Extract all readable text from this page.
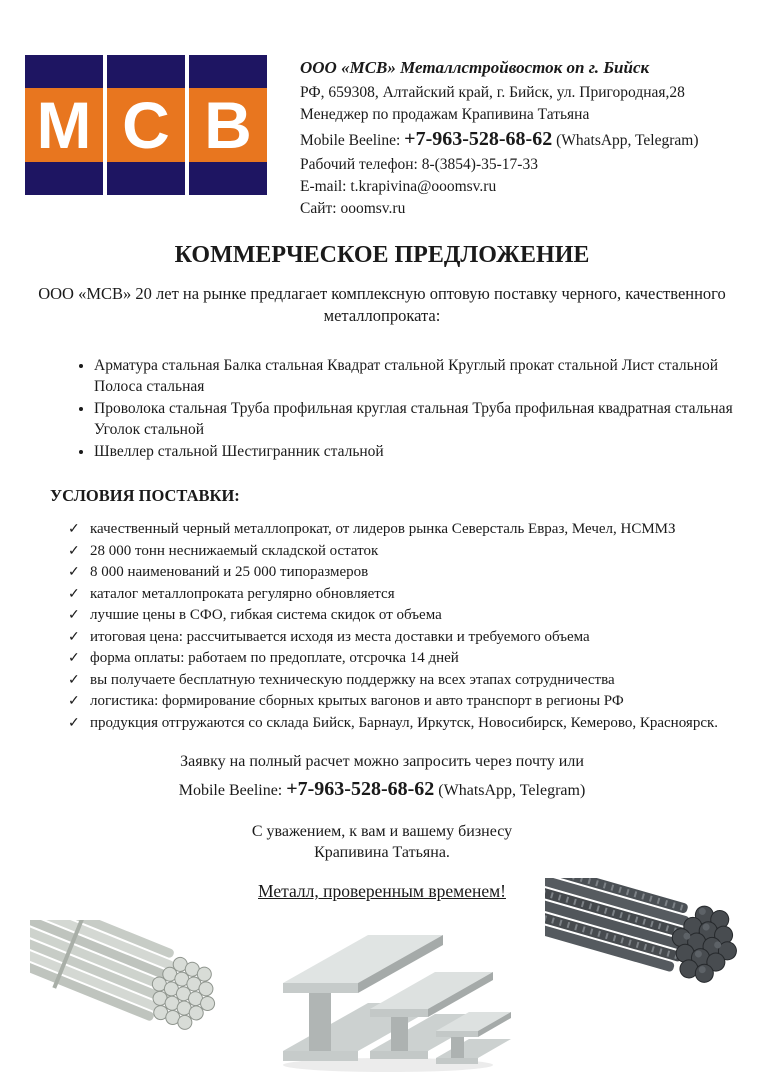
М С В
ООО «МСВ» Металлстройвосток оп г. Бийск
РФ, 659308, Алтайский край, г. Бийск, ул. Пригородная,28
Менеджер по продажам Крапивина Татьяна
Mobile Beeline: +7-963-528-68-62 (WhatsApp, Telegram)
Рабочий телефон: 8-(3854)-35-17-33
E-mail: t.krapivina@ooomsv.ru
Сайт: ooomsv.ru
КОММЕРЧЕСКОЕ ПРЕДЛОЖЕНИЕ

ООО «МСВ» 20 лет на рынке предлагает комплексную оптовую поставку черного, качественного металлопроката:

• Арматура стальная Балка стальная Квадрат стальной Круглый прокат стальной Лист стальной Полоса стальная
• Проволока стальная Труба профильная круглая стальная Труба профильная квадратная стальная Уголок стальной
• Швеллер стальной Шестигранник стальной
УСЛОВИЯ ПОСТАВКИ:
✓ качественный черный металлопрокат, от лидеров рынка Северсталь Евраз, Мечел, НСММЗ
✓ 28 000 тонн неснижаемый складской остаток
✓ 8 000 наименований и 25 000 типоразмеров
✓ каталог металлопроката регулярно обновляется
✓ лучшие цены в СФО, гибкая система скидок от объема
✓ итоговая цена: рассчитывается исходя из места доставки и требуемого объема
✓ форма оплаты: работаем по предоплате, отсрочка 14 дней
✓ вы получаете бесплатную техническую поддержку на всех этапах сотрудничества
✓ логистика: формирование сборных крытых вагонов и авто транспорт в регионы РФ
✓ продукция отгружаются со склада Бийск, Барнаул, Иркутск, Новосибирск, Кемерово, Красноярск.

Заявку на полный расчет можно запросить через почту или

Mobile Beeline: +7-963-528-68-62 (WhatsApp, Telegram)

С уважением, к вам и вашему бизнесу

Крапивина Татьяна.

Металл, проверенным временем!
